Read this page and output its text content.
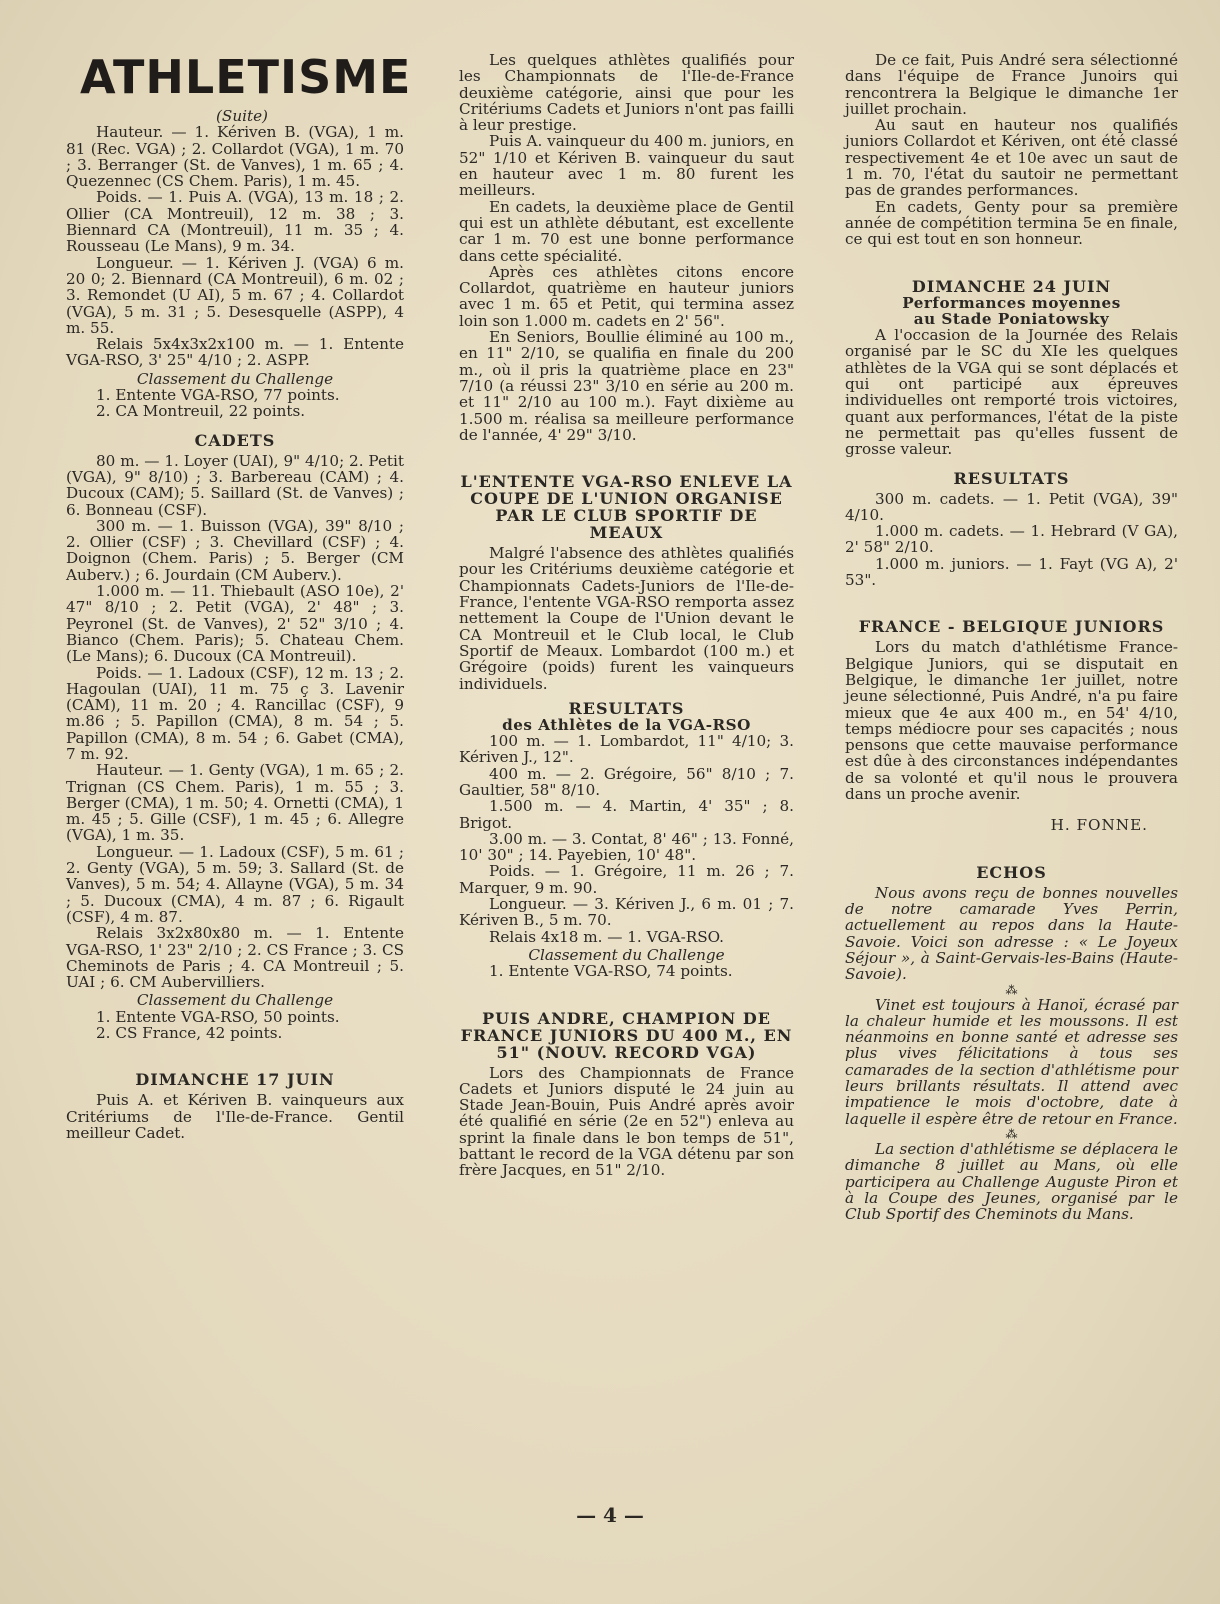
ATHLETISME

(Suite)

Hauteur. — 1. Kériven B. (VGA), 1 m. 81 (Rec. VGA) ; 2. Collardot (VGA), 1 m. 70 ; 3. Berranger (St. de Vanves), 1 m. 65 ; 4. Quezennec (CS Chem. Paris), 1 m. 45.

Poids. — 1. Puis A. (VGA), 13 m. 18 ; 2. Ollier (CA Montreuil), 12 m. 38 ; 3. Biennard CA (Montreuil), 11 m. 35 ; 4. Rousseau (Le Mans), 9 m. 34.

Longueur. — 1. Kériven J. (VGA) 6 m. 20 0; 2. Biennard (CA Montreuil), 6 m. 02 ; 3. Remondet (U AI), 5 m. 67 ; 4. Collardot (VGA), 5 m. 31 ; 5. Desesquelle (ASPP), 4 m. 55.

Relais 5x4x3x2x100 m. — 1. Entente VGA-RSO, 3' 25" 4/10 ; 2. ASPP.

Classement du Challenge

1. Entente VGA-RSO, 77 points.

2. CA Montreuil, 22 points.

CADETS

80 m. — 1. Loyer (UAI), 9" 4/10; 2. Petit (VGA), 9" 8/10) ; 3. Barbereau (CAM) ; 4. Ducoux (CAM); 5. Saillard (St. de Vanves) ; 6. Bonneau (CSF).

300 m. — 1. Buisson (VGA), 39" 8/10 ; 2. Ollier (CSF) ; 3. Chevillard (CSF) ; 4. Doignon (Chem. Paris) ; 5. Berger (CM Auberv.) ; 6. Jourdain (CM Auberv.).

1.000 m. — 11. Thiebault (ASO 10e), 2' 47" 8/10 ; 2. Petit (VGA), 2' 48" ; 3. Peyronel (St. de Vanves), 2' 52" 3/10 ; 4. Bianco (Chem. Paris); 5. Chateau Chem. (Le Mans); 6. Ducoux (CA Montreuil).

Poids. — 1. Ladoux (CSF), 12 m. 13 ; 2. Hagoulan (UAI), 11 m. 75 ç 3. Lavenir (CAM), 11 m. 20 ; 4. Rancillac (CSF), 9 m.86 ; 5. Papillon (CMA), 8 m. 54 ; 5. Papillon (CMA), 8 m. 54 ; 6. Gabet (CMA), 7 m. 92.

Hauteur. — 1. Genty (VGA), 1 m. 65 ; 2. Trignan (CS Chem. Paris), 1 m. 55 ; 3. Berger (CMA), 1 m. 50; 4. Ornetti (CMA), 1 m. 45 ; 5. Gille (CSF), 1 m. 45 ; 6. Allegre (VGA), 1 m. 35.

Longueur. — 1. Ladoux (CSF), 5 m. 61 ; 2. Genty (VGA), 5 m. 59; 3. Sallard (St. de Vanves), 5 m. 54; 4. Allayne (VGA), 5 m. 34 ; 5. Ducoux (CMA), 4 m. 87 ; 6. Rigault (CSF), 4 m. 87.

Relais 3x2x80x80 m. — 1. Entente VGA-RSO, 1' 23" 2/10 ; 2. CS France ; 3. CS Cheminots de Paris ; 4. CA Montreuil ; 5. UAI ; 6. CM Aubervilliers.

Classement du Challenge

1. Entente VGA-RSO, 50 points.

2. CS France, 42 points.

DIMANCHE 17 JUIN

Puis A. et Kériven B. vainqueurs aux Critériums de l'Ile-de-France. Gentil meilleur Cadet.

Les quelques athlètes qualifiés pour les Championnats de l'Ile-de-France deuxième catégorie, ainsi que pour les Critériums Cadets et Juniors n'ont pas failli à leur prestige.

Puis A. vainqueur du 400 m. juniors, en 52" 1/10 et Kériven B. vainqueur du saut en hauteur avec 1 m. 80 furent les meilleurs.

En cadets, la deuxième place de Gentil qui est un athlète débutant, est excellente car 1 m. 70 est une bonne performance dans cette spécialité.

Après ces athlètes citons encore Collardot, quatrième en hauteur juniors avec 1 m. 65 et Petit, qui termina assez loin son 1.000 m. cadets en 2' 56".

En Seniors, Boullie éliminé au 100 m., en 11" 2/10, se qualifia en finale du 200 m., où il pris la quatrième place en 23" 7/10 (a réussi 23" 3/10 en série au 200 m. et 11" 2/10 au 100 m.). Fayt dixième au 1.500 m. réalisa sa meilleure performance de l'année, 4' 29" 3/10.

L'ENTENTE VGA-RSO ENLEVE LA COUPE DE L'UNION ORGANISE PAR LE CLUB SPORTIF DE MEAUX

Malgré l'absence des athlètes qualifiés pour les Critériums deuxième catégorie et Championnats Cadets-Juniors de l'Ile-de-France, l'entente VGA-RSO remporta assez nettement la Coupe de l'Union devant le CA Montreuil et le Club local, le Club Sportif de Meaux. Lombardot (100 m.) et Grégoire (poids) furent les vainqueurs individuels.

RESULTATS
des Athlètes de la VGA-RSO

100 m. — 1. Lombardot, 11" 4/10; 3. Kériven J., 12".

400 m. — 2. Grégoire, 56" 8/10 ; 7. Gaultier, 58" 8/10.

1.500 m. — 4. Martin, 4' 35" ; 8. Brigot.

3.00 m. — 3. Contat, 8' 46" ; 13. Fonné, 10' 30" ; 14. Payebien, 10' 48".

Poids. — 1. Grégoire, 11 m. 26 ; 7. Marquer, 9 m. 90.

Longueur. — 3. Kériven J., 6 m. 01 ; 7. Kériven B., 5 m. 70.

Relais 4x18 m. — 1. VGA-RSO.

Classement du Challenge

1. Entente VGA-RSO, 74 points.

PUIS ANDRE, CHAMPION DE FRANCE JUNIORS DU 400 M., EN 51" (NOUV. RECORD VGA)

Lors des Championnats de France Cadets et Juniors disputé le 24 juin au Stade Jean-Bouin, Puis André après avoir été qualifié en série (2e en 52") enleva au sprint la finale dans le bon temps de 51", battant le record de la VGA détenu par son frère Jacques, en 51" 2/10.

De ce fait, Puis André sera sélectionné dans l'équipe de France Junoirs qui rencontrera la Belgique le dimanche 1er juillet prochain.

Au saut en hauteur nos qualifiés juniors Collardot et Kériven, ont été classé respectivement 4e et 10e avec un saut de 1 m. 70, l'état du sautoir ne permettant pas de grandes performances.

En cadets, Genty pour sa première année de compétition termina 5e en finale, ce qui est tout en son honneur.

DIMANCHE 24 JUIN
Performances moyennes
au Stade Poniatowsky

A l'occasion de la Journée des Relais organisé par le SC du XIe les quelques athlètes de la VGA qui se sont déplacés et qui ont participé aux épreuves individuelles ont remporté trois victoires, quant aux performances, l'état de la piste ne permettait pas qu'elles fussent de grosse valeur.

RESULTATS

300 m. cadets. — 1. Petit (VGA), 39" 4/10.

1.000 m. cadets. — 1. Hebrard (V GA), 2' 58" 2/10.

1.000 m. juniors. — 1. Fayt (VG A), 2' 53".

FRANCE - BELGIQUE JUNIORS

Lors du match d'athlétisme France-Belgique Juniors, qui se disputait en Belgique, le dimanche 1er juillet, notre jeune sélectionné, Puis André, n'a pu faire mieux que 4e aux 400 m., en 54' 4/10, temps médiocre pour ses capacités ; nous pensons que cette mauvaise performance est dûe à des circonstances indépendantes de sa volonté et qu'il nous le prouvera dans un proche avenir.

H. FONNE.

ECHOS

Nous avons reçu de bonnes nouvelles de notre camarade Yves Perrin, actuellement au repos dans la Haute-Savoie. Voici son adresse : « Le Joyeux Séjour », à Saint-Gervais-les-Bains (Haute-Savoie).

⁂

Vinet est toujours à Hanoï, écrasé par la chaleur humide et les moussons. Il est néanmoins en bonne santé et adresse ses plus vives félicitations à tous ses camarades de la section d'athlétisme pour leurs brillants résultats. Il attend avec impatience le mois d'octobre, date à laquelle il espère être de retour en France.

⁂

La section d'athlétisme se déplacera le dimanche 8 juillet au Mans, où elle participera au Challenge Auguste Piron et à la Coupe des Jeunes, organisé par le Club Sportif des Cheminots du Mans.

— 4 —
